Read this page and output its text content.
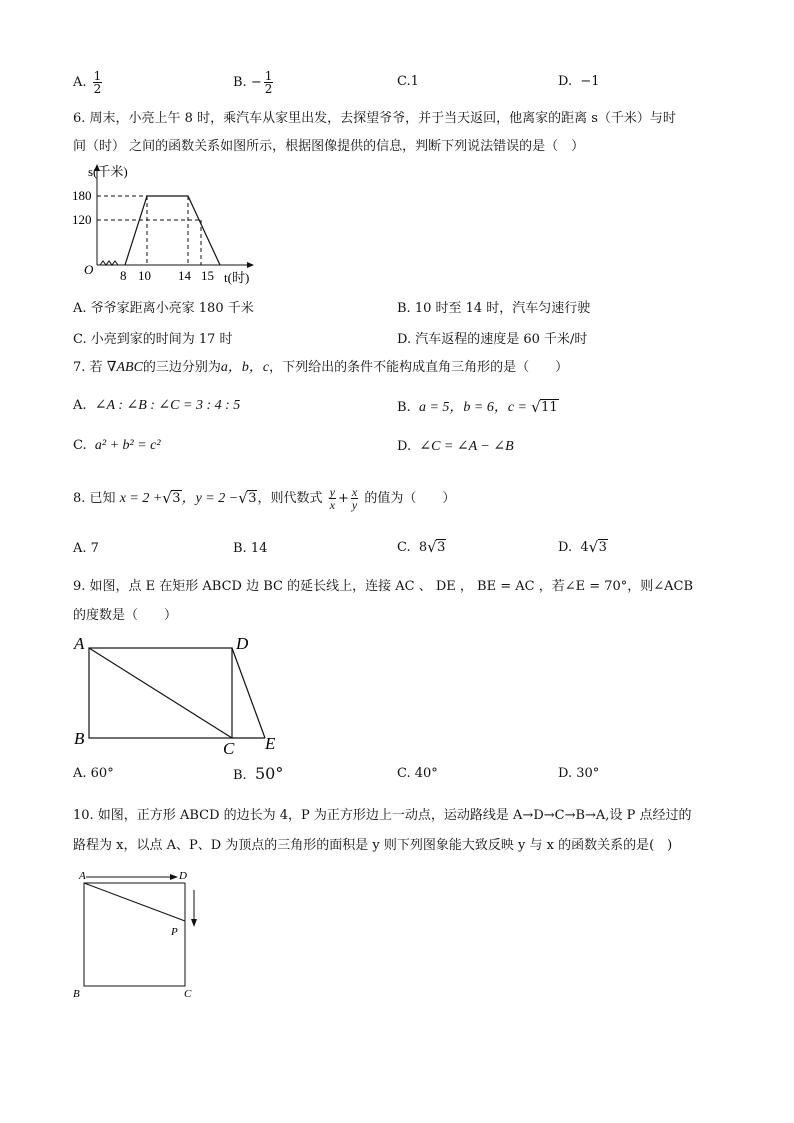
A. $\frac{1}{2}$	B. − $\frac{1}{2}$	C.1	D. −1
6. 周末，小亮上午 8 时，乘汽车从家里出发，去探望爷爷，并于当天返回，他离家的距离 s（千米）与时
间（时） 之间的函数关系如图所示，根据图像提供的信息，判断下列说法错误的是（　）
s(千米)
t(时)
O
180
120
8 10 14 15
A. 爷爷家距离小亮家 180 千米	B. 10 时至 14 时，汽车匀速行驶
C. 小亮到家的时间为 17 时	D. 汽车返程的速度是 60 千米/时
7. 若 ∇ABC的三边分别为a，b，c，下列给出的条件不能构成直角三角形的是（　　）
A. ∠A : ∠B : ∠C = 3 : 4 : 5	B. a = 5，b = 6，c = √ 11
C. a² + b² = c²	D. ∠C = ∠A − ∠B
8. 已知 x = 2 + √ 3，y = 2 − √ 3，则代数式 $\frac{y}{x} + \frac{x}{y}$ 的值为（　　）
A. 7	B. 14	C. 8 √ 3	D. 4 √ 3
9. 如图，点 E 在矩形 ABCD 边 BC 的延长线上，连接 AC 、 DE ， BE = AC ，若∠E = 70°，则∠ACB
的度数是（　　）
A	D
B
C E
A. 60°	B. 50°	C. 40°	D. 30°
10. 如图，正方形 ABCD 的边长为 4，P 为正方形边上一动点，运动路线是 A→D→C→B→A,设 P 点经过的
路程为 x，以点 A、P、D 为顶点的三角形的面积是 y 则下列图象能大致反映 y 与 x 的函数关系的是(　)
A	D
P
B	C
